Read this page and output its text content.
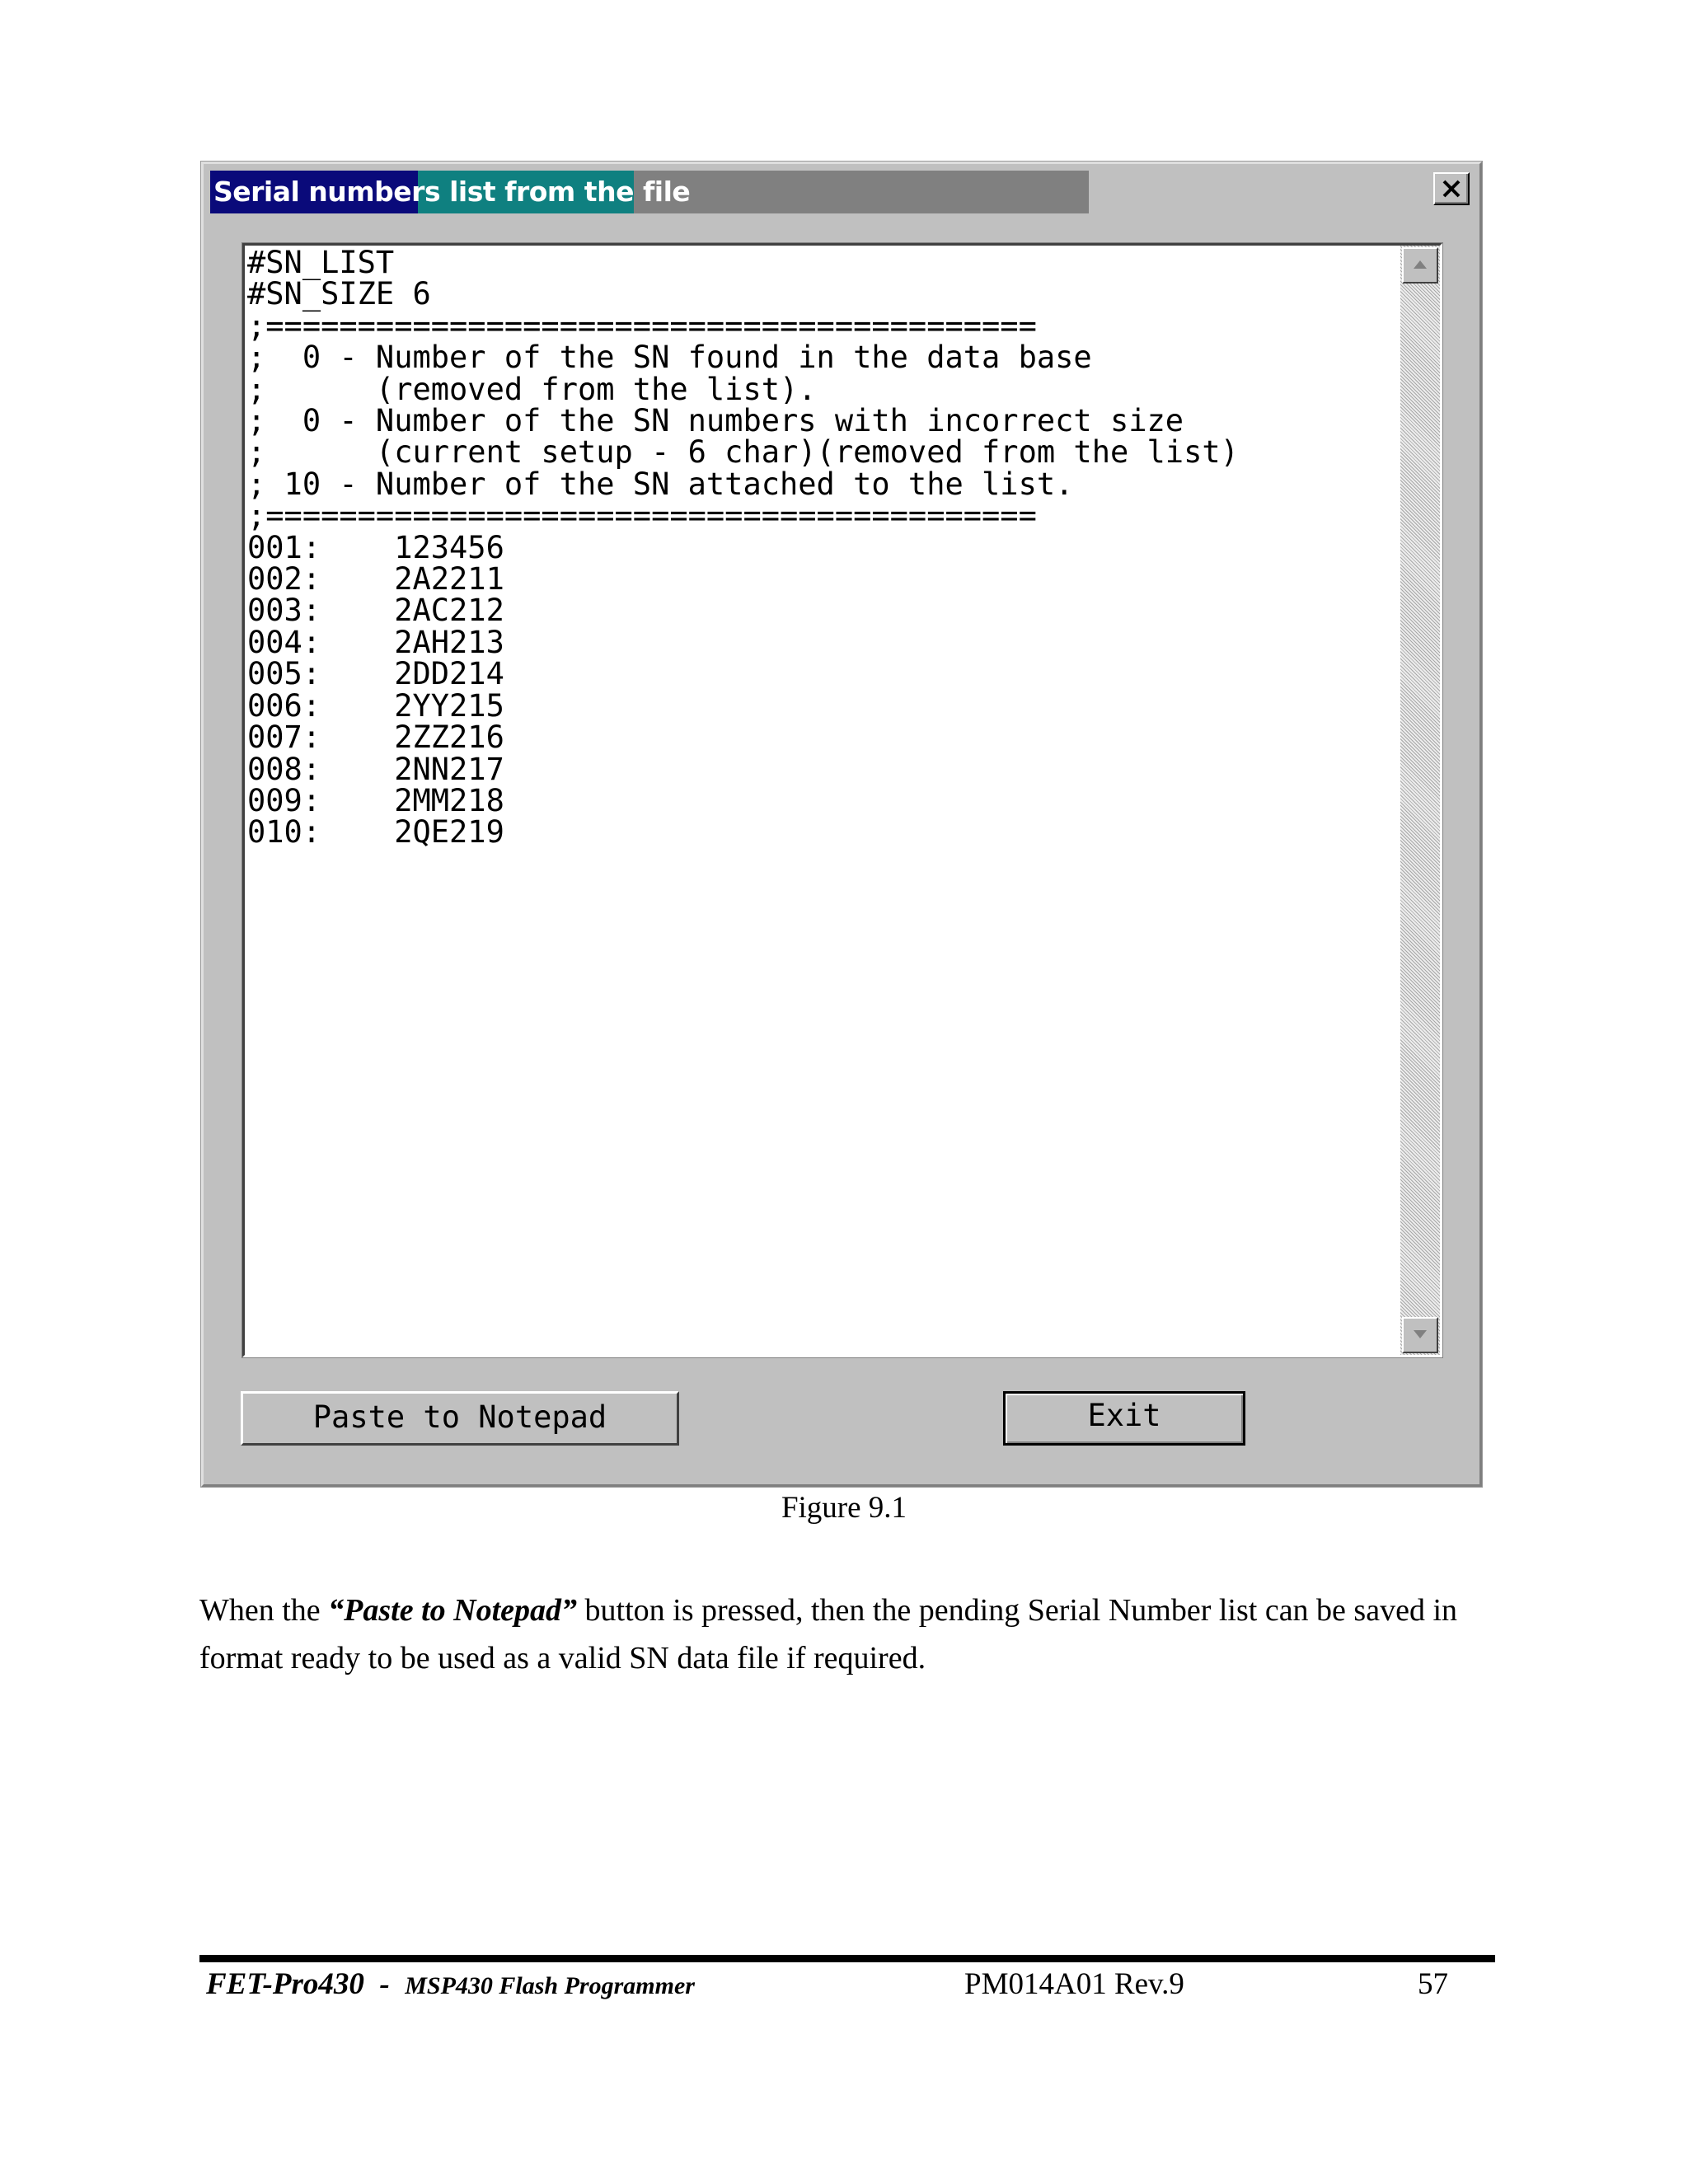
Serial numbers list from the file
#SN_LIST
#SN_SIZE 6
;==========================================
;  0 - Number of the SN found in the data base
;      (removed from the list).
;  0 - Number of the SN numbers with incorrect size
;      (current setup - 6 char)(removed from the list)
; 10 - Number of the SN attached to the list.
;==========================================
001:    123456
002:    2A2211
003:    2AC212
004:    2AH213
005:    2DD214
006:    2YY215
007:    2ZZ216
008:    2NN217
009:    2MM218
010:    2QE219
Paste to Notepad	Exit
Figure 9.1
When the “Paste to Notepad” button is pressed, then the pending Serial Number list can be saved in format ready to be used as a valid SN data file if required.
FET-Pro430  -  MSP430 Flash Programmer	PM014A01 Rev.9	57
